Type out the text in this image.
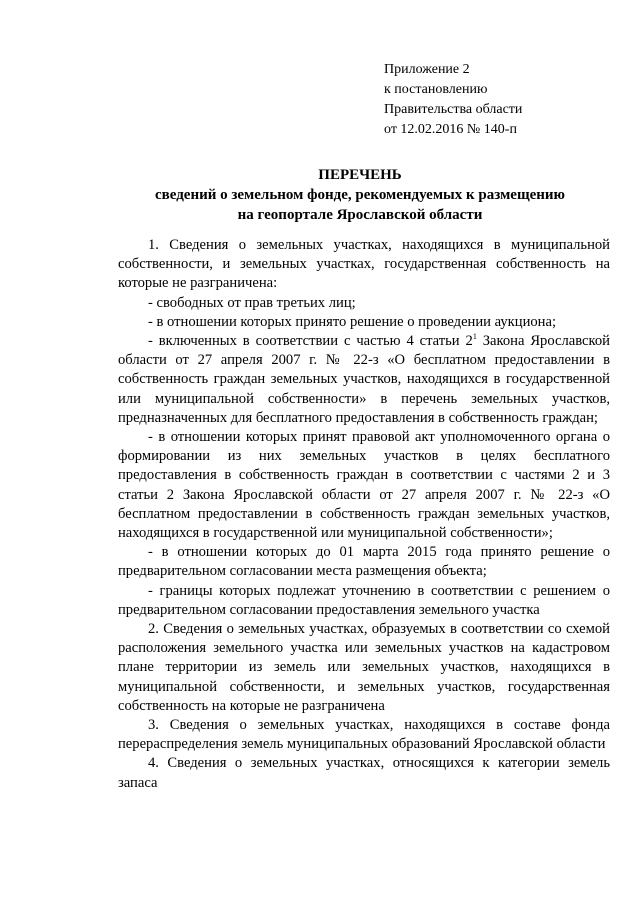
Приложение 2
к постановлению
Правительства области
от 12.02.2016 № 140-п
ПЕРЕЧЕНЬ
сведений о земельном фонде, рекомендуемых к размещению
на геопортале Ярославской области

1. Сведения о земельных участках, находящихся в муниципальной собственности, и земельных участках, государственная собственность на которые не разграничена:

- свободных от прав третьих лиц;

- в отношении которых принято решение о проведении аукциона;

- включенных в соответствии с частью 4 статьи $2^1$ Закона Ярославской области от 27 апреля 2007 г. № 22-з «О бесплатном предоставлении в собственность граждан земельных участков, находящихся в государственной или муниципальной собственности» в перечень земельных участков, предназначенных для бесплатного предоставления в собственность граждан;

- в отношении которых принят правовой акт уполномоченного органа о формировании из них земельных участков в целях бесплатного предоставления в собственность граждан в соответствии с частями 2 и 3 статьи 2 Закона Ярославской области от 27 апреля 2007 г. № 22-з «О бесплатном предоставлении в собственность граждан земельных участков, находящихся в государственной или муниципальной собственности»;

- в отношении которых до 01 марта 2015 года принято решение о предварительном согласовании места размещения объекта;

- границы которых подлежат уточнению в соответствии с решением о предварительном согласовании предоставления земельного участка

2. Сведения о земельных участках, образуемых в соответствии со схемой расположения земельного участка или земельных участков на кадастровом плане территории из земель или земельных участков, находящихся в муниципальной собственности, и земельных участков, государственная собственность на которые не разграничена

3. Сведения о земельных участках, находящихся в составе фонда перераспределения земель муниципальных образований Ярославской области

4. Сведения о земельных участках, относящихся к категории земель запаса
